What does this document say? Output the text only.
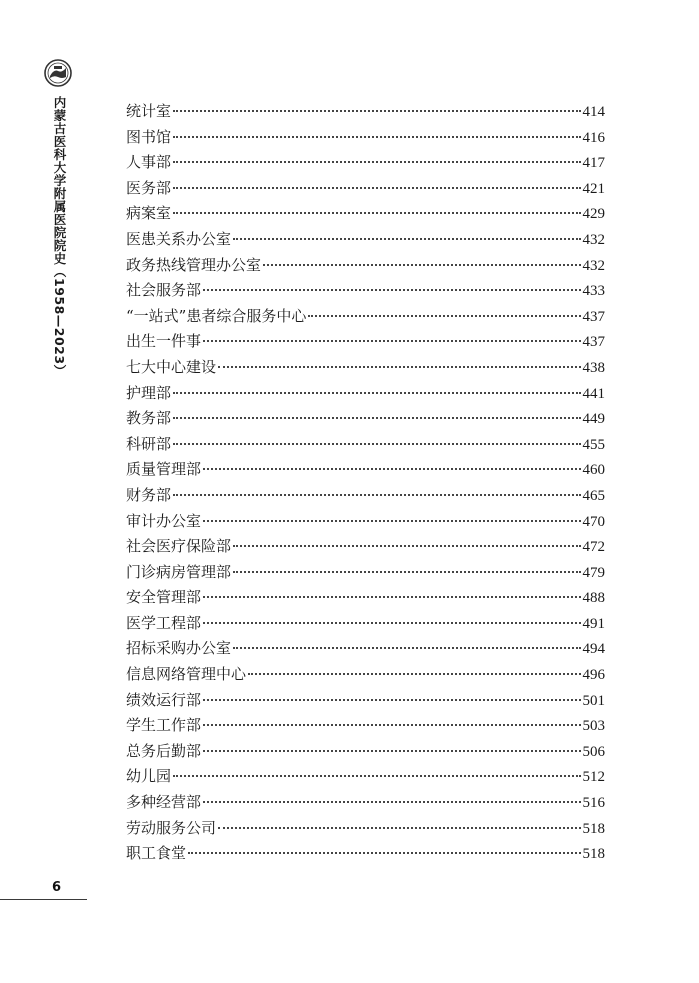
内蒙古医科大学附属医院院史（1958—2023）	统计室	414
图书馆	416
人事部	417
医务部	421
病案室	429
医患关系办公室	432
政务热线管理办公室	432
社会服务部	433
“一站式”患者综合服务中心	437
出生一件事	437
七大中心建设	438
护理部	441
教务部	449
科研部	455
质量管理部	460
财务部	465
审计办公室	470
社会医疗保险部	472
门诊病房管理部	479
安全管理部	488
医学工程部	491
招标采购办公室	494
信息网络管理中心	496
绩效运行部	501
学生工作部	503
总务后勤部	506
幼儿园	512
多种经营部	516
劳动服务公司	518
职工食堂	518
6
